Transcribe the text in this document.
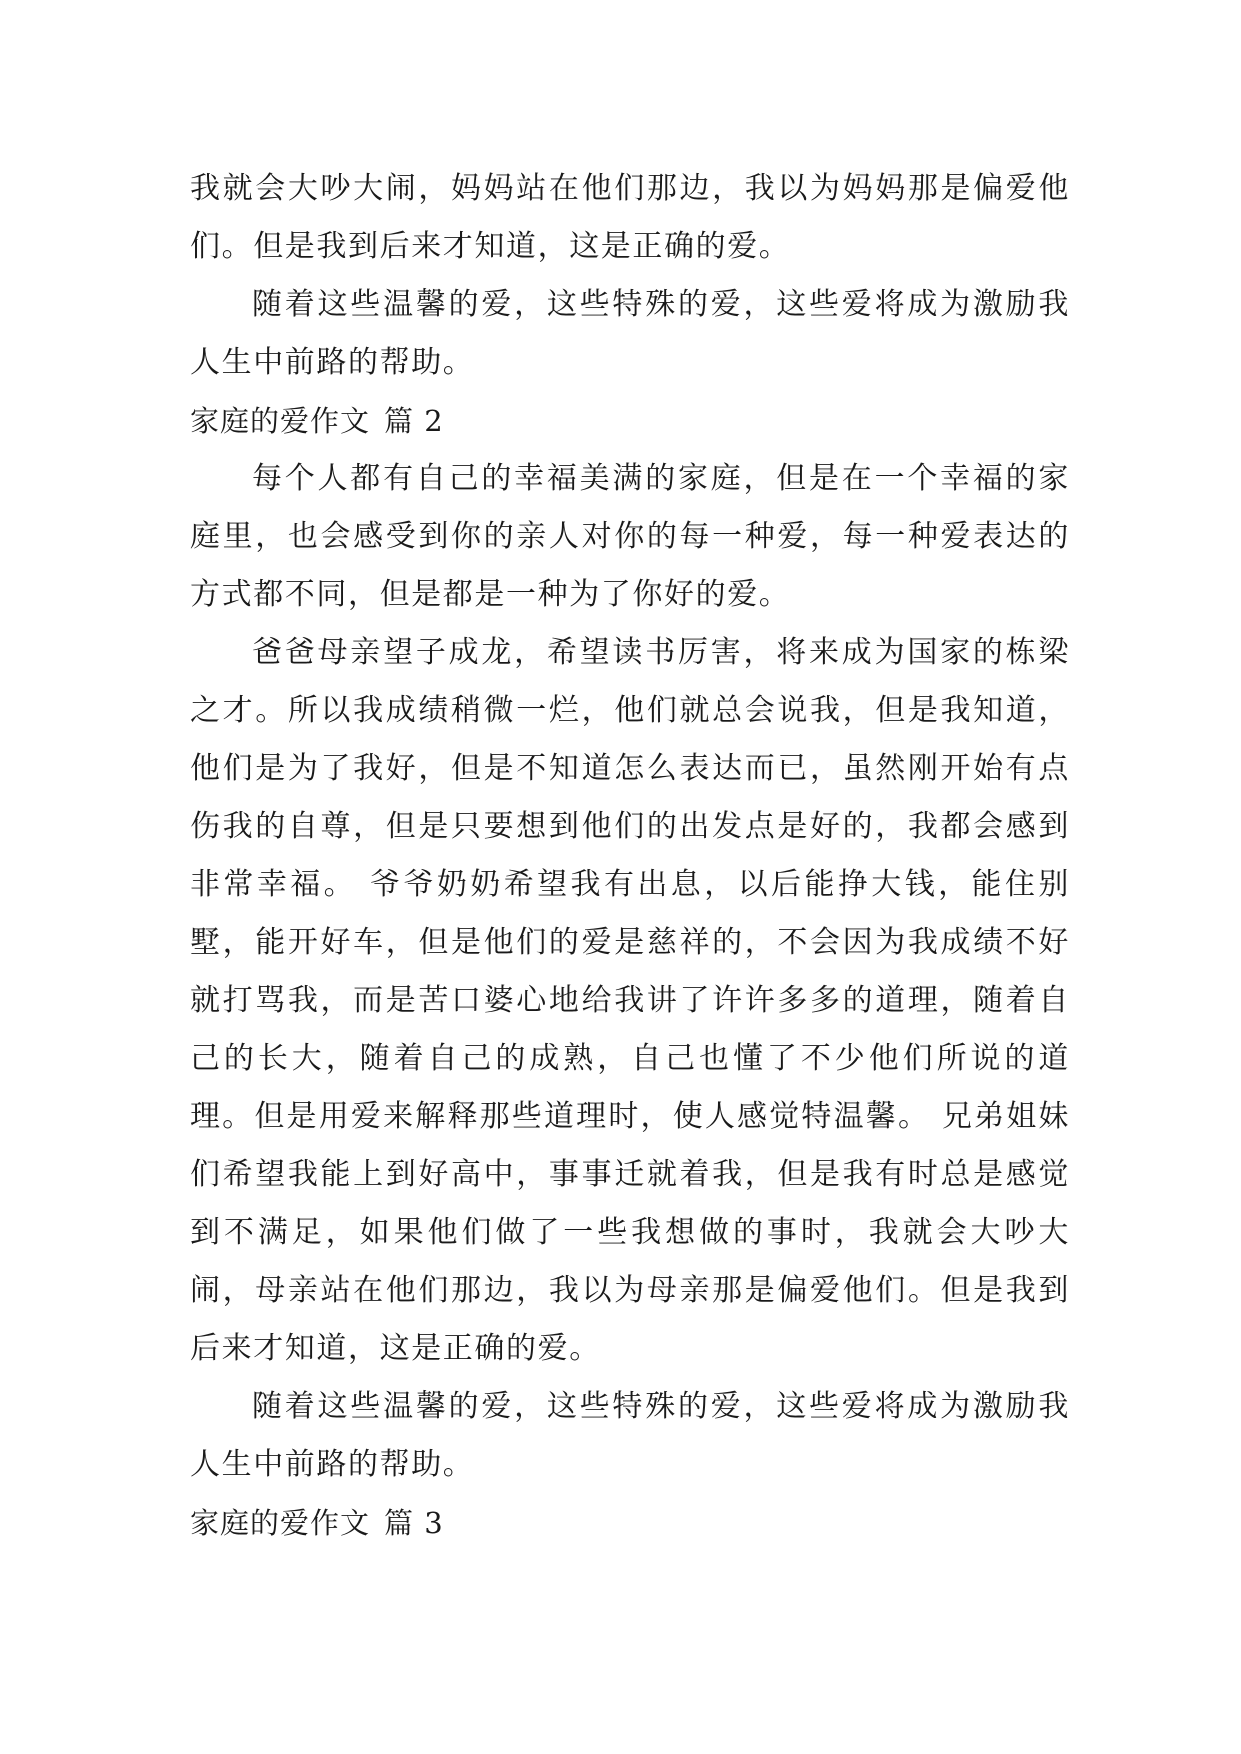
我就会大吵大闹，妈妈站在他们那边，我以为妈妈那是偏爱他们。但是我到后来才知道，这是正确的爱。

随着这些温馨的爱，这些特殊的爱，这些爱将成为激励我人生中前路的帮助。

家庭的爱作文 篇 2

每个人都有自己的幸福美满的家庭，但是在一个幸福的家庭里，也会感受到你的亲人对你的每一种爱，每一种爱表达的方式都不同，但是都是一种为了你好的爱。

爸爸母亲望子成龙，希望读书厉害，将来成为国家的栋梁之才。所以我成绩稍微一烂，他们就总会说我，但是我知道，他们是为了我好，但是不知道怎么表达而已，虽然刚开始有点伤我的自尊，但是只要想到他们的出发点是好的，我都会感到非常幸福。 爷爷奶奶希望我有出息，以后能挣大钱，能住别墅，能开好车，但是他们的爱是慈祥的，不会因为我成绩不好就打骂我，而是苦口婆心地给我讲了许许多多的道理，随着自己的长大，随着自己的成熟，自己也懂了不少他们所说的道理。但是用爱来解释那些道理时，使人感觉特温馨。 兄弟姐妹们希望我能上到好高中，事事迁就着我，但是我有时总是感觉到不满足，如果他们做了一些我想做的事时，我就会大吵大闹，母亲站在他们那边，我以为母亲那是偏爱他们。但是我到后来才知道，这是正确的爱。

随着这些温馨的爱，这些特殊的爱，这些爱将成为激励我人生中前路的帮助。

家庭的爱作文 篇 3
